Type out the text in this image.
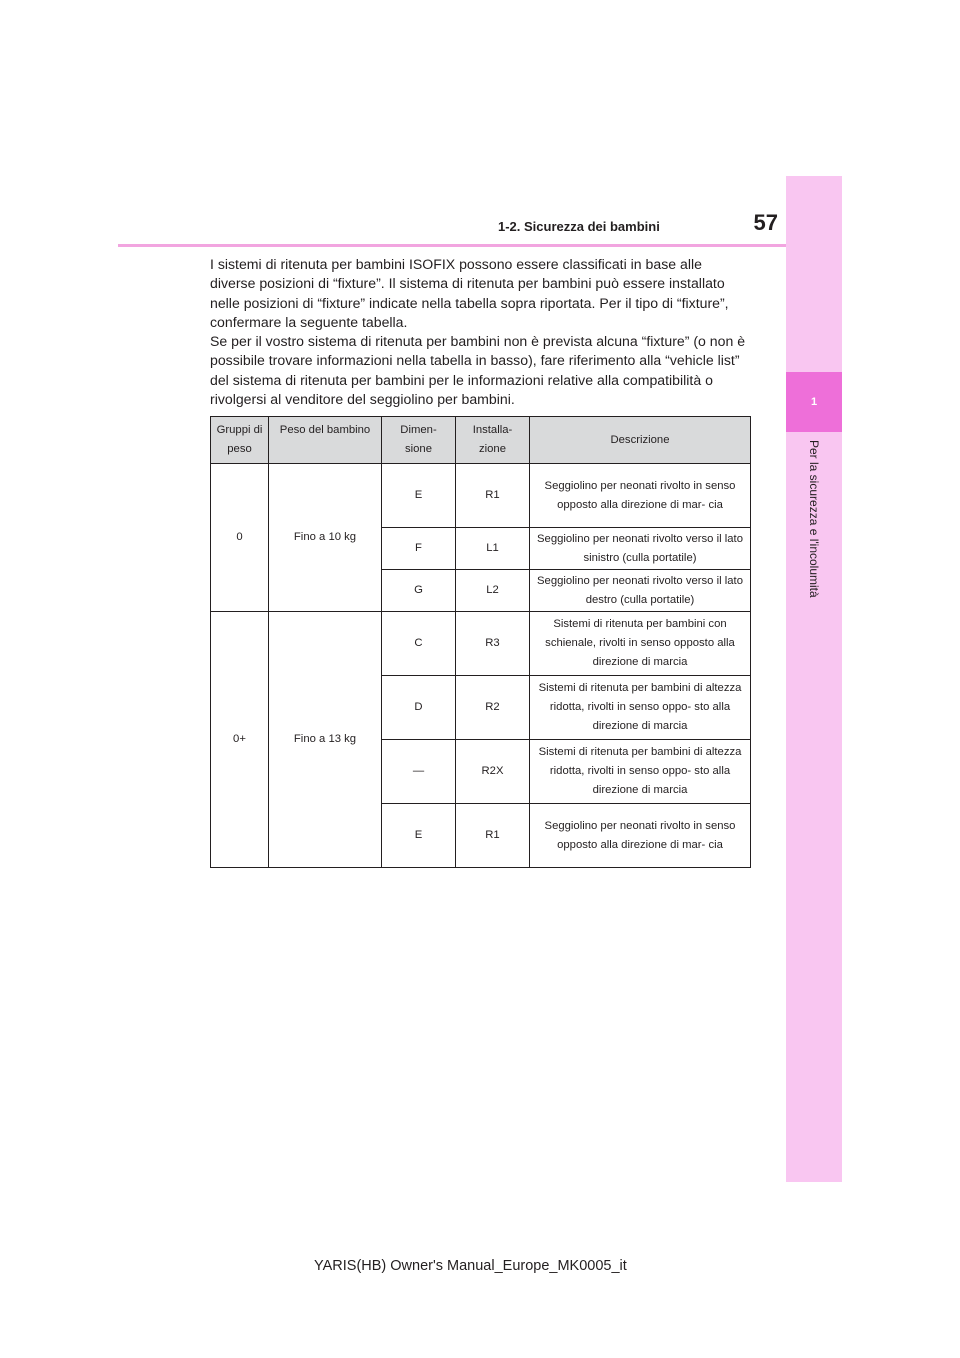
1
Per la sicurezza e l'incolumità
57
1-2. Sicurezza dei bambini

I sistemi di ritenuta per bambini ISOFIX possono essere classificati in base alle diverse posizioni di “fixture”. Il sistema di ritenuta per bambini può essere installato nelle posizioni di “fixture” indicate nella tabella sopra riportata. Per il tipo di “fixture”, confermare la seguente tabella.
Se per il vostro sistema di ritenuta per bambini non è prevista alcuna “fixture” (o non è possibile trovare informazioni nella tabella in basso), fare riferimento alla “vehicle list” del sistema di ritenuta per bambini per le informazioni relative alla compatibilità o rivolgersi al venditore del seggiolino per bambini.

Gruppi di peso	Peso del bambino	Dimen- sione	Installa- zione	Descrizione
0	Fino a 10 kg	E	R1	Seggiolino per neonati rivolto in senso opposto alla direzione di mar- cia
		F	L1	Seggiolino per neonati rivolto verso il lato sinistro (culla portatile)
		G	L2	Seggiolino per neonati rivolto verso il lato destro (culla portatile)
0+	Fino a 13 kg	C	R3	Sistemi di ritenuta per bambini con schienale, rivolti in senso opposto alla direzione di marcia
		D	R2	Sistemi di ritenuta per bambini di altezza ridotta, rivolti in senso oppo- sto alla direzione di marcia
		—	R2X	Sistemi di ritenuta per bambini di altezza ridotta, rivolti in senso oppo- sto alla direzione di marcia
		E	R1	Seggiolino per neonati rivolto in senso opposto alla direzione di mar- cia
YARIS(HB) Owner's Manual_Europe_MK0005_it
